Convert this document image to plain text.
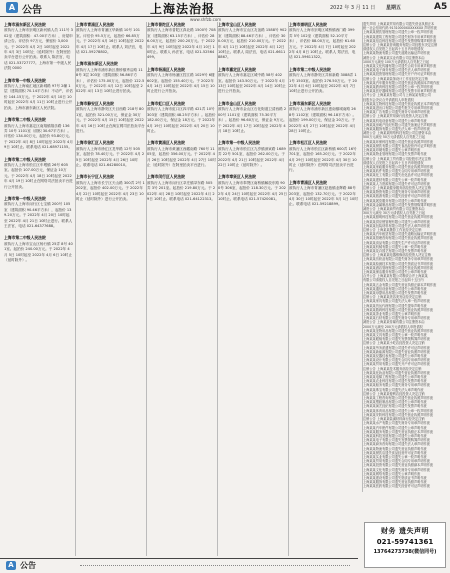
A 公告	上海法治报	2022 年 3 月 11 日 星期五	A5
www.shfzb.com
上海市浦东新区人民法院
被执行人上海市崇明区新河镇人员 111号 302室（建筑面积：47.00平方米），房屋申请公告。评估价 97万元，保留价 3,000元。于 2022年 4月 2日 10时起至 2022年 4月 3日 10时止（延时除外）在阿里拍卖平台进行公开拍卖。联系人 陈法官，电话 021-53727777。上海市第一中级人民法院 0000
上海市第一中级人民法院
被执行人上海南汇地区新城路 97号 2幢 1层（建筑面积 70.14平方米）不动产，评估价 144.15万元。于 2022年 4月 10日 10时起至 2022年 4月 11日 10时止进行公开拍卖。上海市浦东新区人民法院。
上海市第二中级人民法院
被执行人上海市嘉定区南翔镇翔乐路 136弄 10号 1101室（面积 30.67平方米）。评估价 134.00万元，起拍价 93.80万元。于 2022年 4月 8日 10时起至 2022年 4月 9日 10时止。联系电话 021-68971155。
上海市第二中级人民法院
被执行人上海市松江区车墩镇 26号 605室。起拍价 107.00万元，保证金 10万元。于 2022年 4月 18日 10时起至 2022年 4月 19日 10时止在网络司法拍卖平台进行公开拍卖。
上海市第一中级人民法院
被执行人上海市闵行区七宝镇 200号 105室（建筑面积 90.46平方米），起拍价 139.20万元。于 2022年 4月 20日 10时起至 2022年 4月 21日 10时止进行。联系人 王法官，电话 021-64377688。
上海市第二中级人民法院
被执行人上海市宝山区杨行镇 25弄 8号 401室。起拍价 240.00万元。于 2022年 4月 5日 10时起至 2022年 4月 6日 10时止（延时除外）。
上海市青浦区人民法院
被执行人上海市青浦区华新镇 10号 101室。评估价 95.5万元，起拍价 66.85万元。于 2022年 4月 16日 10时起至 2022年 4月 17日 10时止。联系人 刘法官，电话 021-59278802。
上海市浦东新区人民法院
被执行人上海市浦东新区康桥镇秀沿路 118号 3层 303室（建筑面积 56.86平方米），评估价 175.00万元，起拍价 122.50万元。于 2022年 4月 12日 10时起至 2022年 4月 13日 10时止进行拍卖。
上海市静安区人民法院
被执行人上海市静安区天目西路 218号 801室，起拍价 321.00万元，保证金 30万元。于 2022年 4月 15日 10时起至 2022年 4月 16日 10时止在淘宝网司法拍卖平台进行。
上海市徐汇区人民法院
被执行人上海市徐汇区龙华路 12号 505室，起拍价 78.40万元。于 2022年 4月 25日 10时起至 2022年 4月 26日 10时止。联系电话 021-64280010。
上海市长宁区人民法院
被执行人上海市长宁区天山路 300弄 2号 1202室，起拍价 402.00万元。于 2022年 4月 22日 10时起至 2022年 4月 23日 10时止（延时除外）进行公开拍卖。
上海市普陀区人民法院
被执行人上海市普陀区真北路 1500号 708室（建筑面积 63.15平方米），评估价 286.00万元，起拍价 200.20万元。于 2022年 4月 9日 10时起至 2022年 4月 10日 10时止。联系人 孙法官，电话 021-52564499。
上海市杨浦区人民法院
被执行人上海市杨浦区控江路 1029号 6楼 602室。起拍价 155.40万元。于 2022年 4月 14日 10时起至 2022年 4月 15日 10时止进行公开拍卖。
上海市虹口区人民法院
被执行人上海市虹口区四平路 421弄 10号 303室（建筑面积 48.25平方米）。起拍价 182.00万元，保证金 18万元。于 2022年 4月 19日 10时起至 2022年 4月 20日 10时止。
上海市黄浦区人民法院
被执行人上海市黄浦区西藏南路 760号 1105室，起拍价 356.00万元。于 2022年 4月 26日 10时起至 2022年 4月 27日 10时止（延时除外）在阿里拍卖平台进行。
上海市闵行区人民法院
被执行人上海市闵行区莘庄镇莘东路 505弄 3号 201室。起拍价 219.80万元。于 2022年 4月 28日 10时起至 2022年 4月 29日 10时止。联系电话 021-64122313。
上海市宝山区人民法院
被执行人上海市宝山区友谊路 1588号 902室（建筑面积 88.46平方米），评估价 300.00万元，起拍价 210.00万元。于 2022年 4月 11日 10时起至 2022年 4月 12日 10时止。联系人 周法官，电话 021-66118867。
上海市嘉定区人民法院
被执行人上海市嘉定区城中路 58号 402室。起拍价 143.50万元。于 2022年 4月 13日 10时起至 2022年 4月 14日 10时止进行公开拍卖。
上海市金山区人民法院
被执行人上海市金山区石化街道卫清西路 200号 1101室（建筑面积 75.30平方米）。起拍价 96.60万元，保证金 9万元。于 2022年 4月 17日 10时起至 2022年 4月 18日 10时止。
上海市第一中级人民法院
被执行人上海市松江区九亭镇涞寅路 1689弄 22号 501室，起拍价 262.00万元。于 2022年 4月 21日 10时起至 2022年 4月 22日 10时止（延时除外）。
上海市奉贤区人民法院
被执行人上海市奉贤区南桥镇解放东路 900号 306室，起拍价 118.30万元。于 2022年 4月 24日 10时起至 2022年 4月 25日 10时止。联系电话 021-57420081。
上海市崇明区人民法院
被执行人上海市崇明区城桥镇西门路 399弄 5号 102室（建筑面积 52.10平方米），评估价 88.00万元，起拍价 61.60万元。于 2022年 4月 7日 10时起至 2022年 4月 8日 10时止。联系人 郑法官，电话 021-59611322。
上海市第二中级人民法院
被执行人上海市静安区共和新路 3088弄 11号 1503室。起拍价 276.50万元。于 2022年 4月 6日 10时起至 2022年 4月 7日 10时止进行公开拍卖。
上海市浦东新区人民法院
被执行人上海市浦东新区惠南镇城南路 268号 1102室（建筑面积 96.18平方米）。起拍价 199.00万元，保证金 20万元。于 2022年 4月 27日 10时起至 2022年 4月 28日 10时止。
上海市松江区人民法院
被执行人上海市松江区新桥镇 600弄 16号 701室，起拍价 165.20万元。于 2022年 4月 29日 10时起至 2022年 4月 30日 10时止（延时除外）在网络司法拍卖平台进行。
上海市青浦区人民法院
被执行人上海市青浦区赵巷镇业辉路 88号 203室，起拍价 132.70万元。于 2022年 4月 30日 10时起至 2022年 5月 1日 10时止。联系电话 021-59218899。
遗失声明 上海某某贸易有限公司遗失营业执照正本
统一社会信用代码 91310000XXXXXXXX 声明作废
上海某某餐饮管理有限公司遗失公章一枚声明作废
上海某某建筑工程有限公司遗失财务专用章声明作废
上海某某信息科技有限公司遗失发票领购簿声明作废
注销公告 上海某某咨询服务有限公司经股东决定注销
请债权人自见报之日起四十五日内申报债权
上海某某物流有限公司遗失道路运输证声明作废
减资公告 上海某某实业有限公司注册资本由
1000万元减至 100万元请债权人自见报之日起
上海某某文化传播有限公司遗失合同专用章声明作废
上海某某电子商务有限公司遗失法人章声明作废
上海某某投资管理有限公司遗失开户许可证声明作废
注销公告 上海某某装饰设计工作室经决定注销
上海某某汽车服务有限公司遗失营业执照副本声明作废
上海某某教育科技有限公司遗失公章一枚声明作废
上海某某医疗器械有限公司遗失发票专用章声明作废
合并公告 上海某某有限公司与上海某某有限公司
经股东会决议合并请债权人申报债权
上海某某生物科技有限公司遗失营业执照正本声明作废
上海某某进出口有限公司遗失报关专用章声明作废
上海某某广告有限公司遗失财务专用章声明作废
注销公告 上海某某贸易商行经投资人决定注销
上海某某机电设备有限公司遗失公章声明作废
上海某某房地产经纪有限公司遗失备案证书声明作废
上海某某服饰有限公司遗失法人章一枚声明作废
减资公告 上海某某网络科技有限公司注册资本由
500万元减至 50万元请债权人自见报之日起
上海某某环保科技有限公司遗失营业执照声明作废
上海某某餐饮有限公司遗失食品经营许可证声明作废
上海某某印刷有限公司遗失公章声明作废
上海某某物业管理有限公司遗失发票声明作废
注销公告 上海某某工贸有限公司经股东决定注销
请债权人自见报之日起四十五日内申报债权
上海某某家政服务有限公司遗失营业执照声明作废
上海某某软件有限公司遗失合同专用章声明作废
上海某某化工有限公司遗失危化品许可证声明作废
上海某某建材有限公司遗失公章一枚声明作废
上海某某人力资源有限公司遗失许可证声明作废
注销公告 上海某某健身服务部经投资人决定注销
上海某某物资有限公司遗失财务专用章声明作废
上海某某旅游有限公司遗失经营许可证声明作废
上海某某展览服务有限公司遗失公章声明作废
上海某某金属制品有限公司遗失发票领购簿声明作废
减资公告 上海某某商贸有限公司注册资本由
300万元减至 30万元请债权人自见报之日起
上海某某照明科技有限公司遗失营业执照声明作废
上海某某供应链管理有限公司遗失公章声明作废
上海某某包装材料有限公司遗失法人章声明作废
注销公告 上海某某摄影工作室经决定注销
上海某某汽车租赁有限公司遗失道路运输证声明作废
上海某某管理咨询有限公司遗失营业执照声明作废
上海某某食品有限公司遗失生产许可证声明作废
上海某某机械有限公司遗失公章一枚声明作废
上海某某花卉园艺有限公司遗失发票声明作废
注销公告 上海某某电器维修部经投资人决定注销
上海某某纺织品有限公司遗失财务专用章声明作废
上海某某检测技术有限公司遗失资质证书声明作废
上海某某酒店管理有限公司遗失营业执照声明作废
上海某某保洁服务有限公司遗失公章声明作废
合并公告 上海某某有限公司吸收合并上海某某
有限公司请债权人自见报之日起四十五日内
上海某某五金有限公司遗失营业执照正副本声明作废
上海某某通信设备有限公司遗失公章声明作废
上海某某母婴用品有限公司遗失发票声明作废
注销公告 上海某某美容美发店经决定注销
上海某某家具有限公司遗失法人章一枚声明作废
上海某某货运代理有限公司遗失提单声明作废
上海某某数码科技有限公司遗失营业执照声明作废
上海某某茶业有限公司遗失公章声明作废
上海某某石材有限公司遗失财务专用章声明作废
减资公告 上海某某传媒有限公司注册资本由
2000万元减至 200万元请债权人申报债权
上海某某宠物用品有限公司遗失营业执照声明作废
上海某某文具有限公司遗失公章一枚声明作废
上海某某眼镜有限公司遗失发票领购簿声明作废
注销公告 上海某某小吃店经投资人决定注销
上海某某劳务派遣有限公司遗失许可证声明作废
上海某某新能源有限公司遗失营业执照声明作废
上海某某仪器仪表有限公司遗失公章声明作废
上海某某设计有限公司遗失合同专用章声明作废
上海某某贸易有限公司遗失开户许可证声明作废
注销公告 上海某某技术服务部经决定注销
上海某某化妆品有限公司遗失营业执照声明作废
上海某某电梯工程有限公司遗失公章声明作废
上海某某农业科技有限公司遗失发票声明作废
上海某某船务有限公司遗失财务专用章声明作废
上海某某珠宝有限公司遗失法人章声明作废
注销公告 上海某某便利店经投资人决定注销
上海某某工程咨询有限公司遗失营业执照声明作废
上海某某塑胶制品有限公司遗失公章声明作废
上海某某演艺经纪有限公司遗失发票声明作废
上海某某体育用品有限公司遗失公章一枚声明作废
上海某某安防科技有限公司遗失营业执照声明作废
注销公告 上海某某装潢材料商行经决定注销
上海某某水产有限公司遗失财务专用章声明作废
上海某某汽车配件有限公司遗失公章声明作废
上海某某服务有限公司遗失营业执照正本声明作废
上海某某科技发展有限公司遗失公章声明作废
上海某某电子有限公司遗失发票领购簿声明作废
上海某某商务咨询有限公司遗失法人章声明作废
上海某某物流有限公司遗失营业执照声明作废
上海某某餐饮店遗失食品经营许可证声明作废
上海某某实业有限公司遗失公章一枚声明作废
上海某某贸易有限公司遗失合同专用章声明作废
上海某某投资有限公司遗失营业执照副本声明作废
上海某某文化有限公司遗失财务专用章声明作废
上海某某网络有限公司遗失公章声明作废
上海某某建设有限公司遗失资质证书声明作废
上海某某服饰有限公司遗失营业执照声明作废
上海某某医药有限公司遗失经营许可证声明作废
财务 遗失声明
021-59741361
13764273738(微信同号)
A 公告
